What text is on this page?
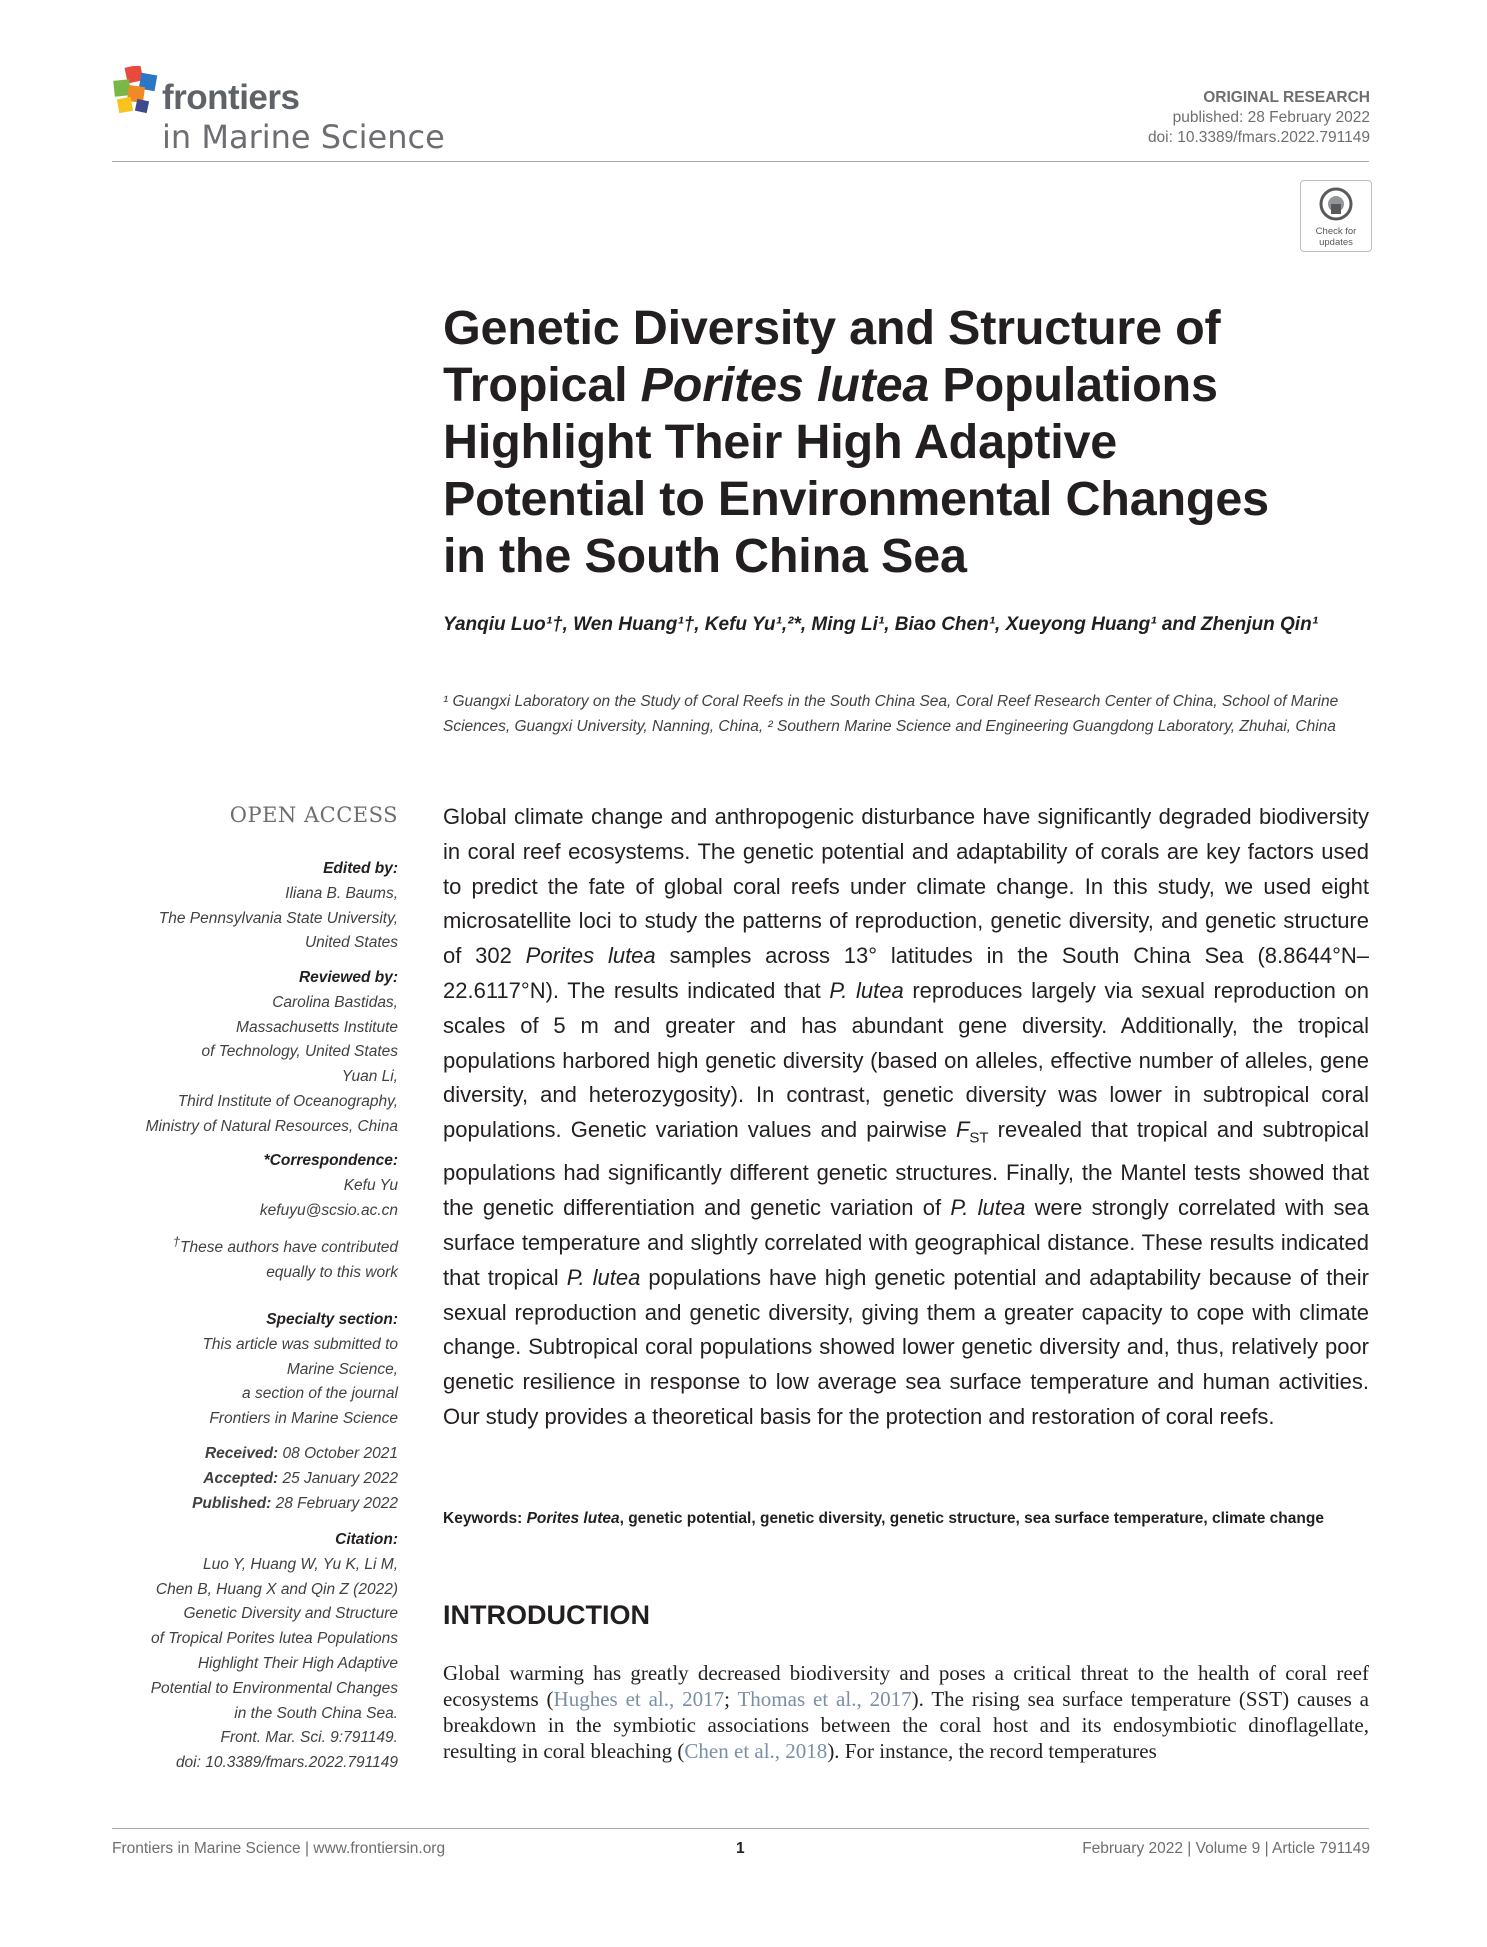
frontiers
in Marine Science
ORIGINAL RESEARCH
published: 28 February 2022
doi: 10.3389/fmars.2022.791149
Check for
updates
Genetic Diversity and Structure of
Tropical Porites lutea Populations
Highlight Their High Adaptive
Potential to Environmental Changes
in the South China Sea
Yanqiu Luo¹†, Wen Huang¹†, Kefu Yu¹,²*, Ming Li¹, Biao Chen¹, Xueyong Huang¹ and Zhenjun Qin¹
¹ Guangxi Laboratory on the Study of Coral Reefs in the South China Sea, Coral Reef Research Center of China, School of Marine Sciences, Guangxi University, Nanning, China, ² Southern Marine Science and Engineering Guangdong Laboratory, Zhuhai, China
OPEN ACCESS
Edited by:
Iliana B. Baums,
The Pennsylvania State University,
United States
Reviewed by:
Carolina Bastidas,
Massachusetts Institute
of Technology, United States
Yuan Li,
Third Institute of Oceanography,
Ministry of Natural Resources, China
*Correspondence:
Kefu Yu
kefuyu@scsio.ac.cn
†These authors have contributed
equally to this work
Specialty section:
This article was submitted to
Marine Science,
a section of the journal
Frontiers in Marine Science
Received: 08 October 2021
Accepted: 25 January 2022
Published: 28 February 2022
Citation:
Luo Y, Huang W, Yu K, Li M,
Chen B, Huang X and Qin Z (2022)
Genetic Diversity and Structure
of Tropical Porites lutea Populations
Highlight Their High Adaptive
Potential to Environmental Changes
in the South China Sea.
Front. Mar. Sci. 9:791149.
doi: 10.3389/fmars.2022.791149
Global climate change and anthropogenic disturbance have significantly degraded biodiversity in coral reef ecosystems. The genetic potential and adaptability of corals are key factors used to predict the fate of global coral reefs under climate change. In this study, we used eight microsatellite loci to study the patterns of reproduction, genetic diversity, and genetic structure of 302 Porites lutea samples across 13° latitudes in the South China Sea (8.8644°N–22.6117°N). The results indicated that P. lutea reproduces largely via sexual reproduction on scales of 5 m and greater and has abundant gene diversity. Additionally, the tropical populations harbored high genetic diversity (based on alleles, effective number of alleles, gene diversity, and heterozygosity). In contrast, genetic diversity was lower in subtropical coral populations. Genetic variation values and pairwise $F_{ST}$ revealed that tropical and subtropical populations had significantly different genetic structures. Finally, the Mantel tests showed that the genetic differentiation and genetic variation of P. lutea were strongly correlated with sea surface temperature and slightly correlated with geographical distance. These results indicated that tropical P. lutea populations have high genetic potential and adaptability because of their sexual reproduction and genetic diversity, giving them a greater capacity to cope with climate change. Subtropical coral populations showed lower genetic diversity and, thus, relatively poor genetic resilience in response to low average sea surface temperature and human activities. Our study provides a theoretical basis for the protection and restoration of coral reefs.
Keywords: Porites lutea, genetic potential, genetic diversity, genetic structure, sea surface temperature, climate change
INTRODUCTION
Global warming has greatly decreased biodiversity and poses a critical threat to the health of coral reef ecosystems (Hughes et al., 2017; Thomas et al., 2017). The rising sea surface temperature (SST) causes a breakdown in the symbiotic associations between the coral host and its endosymbiotic dinoflagellate, resulting in coral bleaching (Chen et al., 2018). For instance, the record temperatures
Frontiers in Marine Science | www.frontiersin.org	1	February 2022 | Volume 9 | Article 791149
